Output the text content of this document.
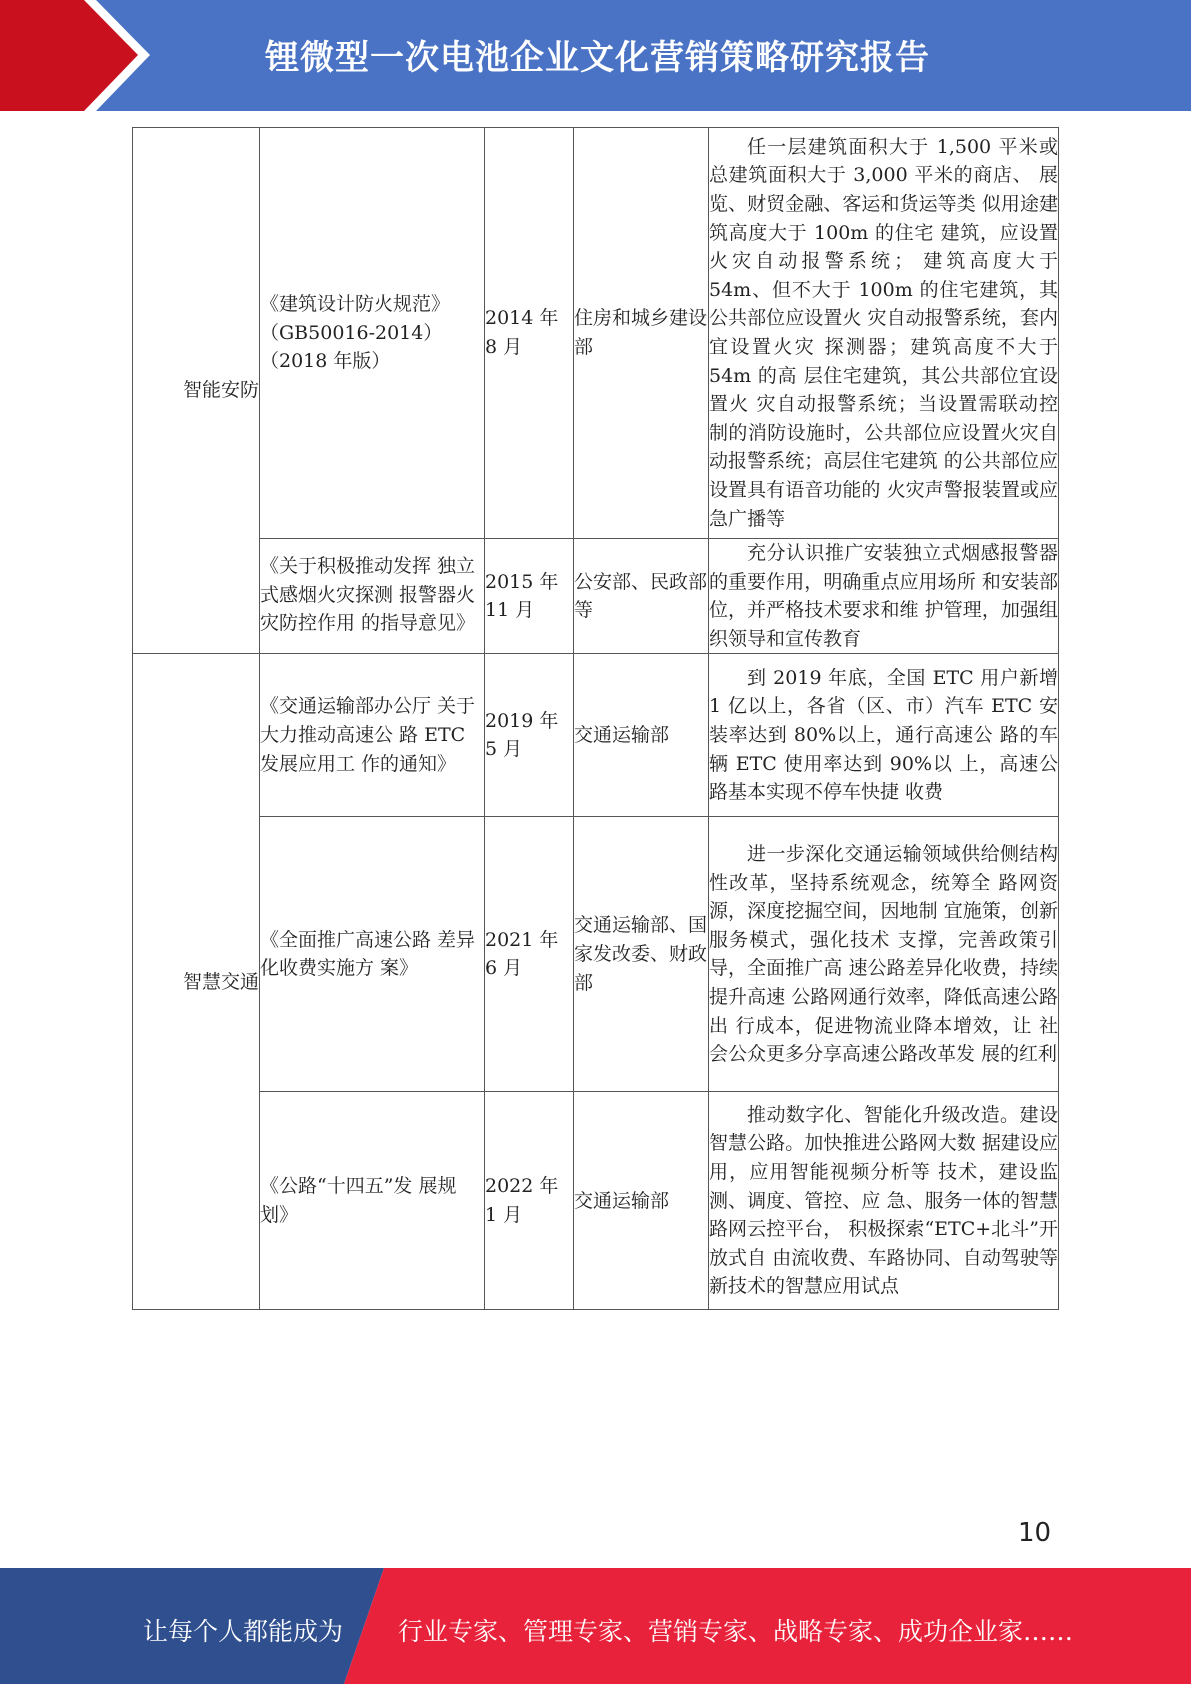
锂微型一次电池企业文化营销策略研究报告
智能安防	《建筑设计防火规范》（GB50016-2014）（2018 年版）	2014 年 8 月	住房和城乡建设部	任一层建筑面积大于 1,500 平米或总建筑面积大于 3,000 平米的商店、 展览、财贸金融、客运和货运等类 似用途建筑高度大于 100m 的住宅 建筑，应设置火灾自动报警系统； 建筑高度大于 54m、但不大于 100m 的住宅建筑，其公共部位应设置火 灾自动报警系统，套内宜设置火灾 探测器；建筑高度不大于 54m 的高 层住宅建筑，其公共部位宜设置火 灾自动报警系统；当设置需联动控 制的消防设施时，公共部位应设置火灾自动报警系统；高层住宅建筑 的公共部位应设置具有语音功能的 火灾声警报装置或应急广播等

	《关于积极推动发挥 独立式感烟火灾探测 报警器火灾防控作用 的指导意见》	2015 年 11 月	公安部、民政部等	充分认识推广安装独立式烟感报警器的重要作用，明确重点应用场所 和安装部位，并严格技术要求和维 护管理，加强组织领导和宣传教育

智慧交通	《交通运输部办公厅 关于大力推动高速公 路 ETC 发展应用工 作的通知》	2019 年 5 月	交通运输部	到 2019 年底，全国 ETC 用户新增 1 亿以上，各省（区、市）汽车 ETC 安装率达到 80%以上，通行高速公 路的车辆 ETC 使用率达到 90%以 上，高速公路基本实现不停车快捷 收费

	《全面推广高速公路 差异化收费实施方 案》	2021 年 6 月	交通运输部、国家发改委、财政部	进一步深化交通运输领域供给侧结构性改革，坚持系统观念，统筹全 路网资源，深度挖掘空间，因地制 宜施策，创新服务模式，强化技术 支撑，完善政策引导，全面推广高 速公路差异化收费，持续提升高速 公路网通行效率，降低高速公路出 行成本，促进物流业降本增效，让 社会公众更多分享高速公路改革发 展的红利

	《公路“十四五”发 展规划》	2022 年 1 月	交通运输部	推动数字化、智能化升级改造。建设智慧公路。加快推进公路网大数 据建设应用，应用智能视频分析等 技术，建设监测、调度、管控、应 急、服务一体的智慧路网云控平台， 积极探索“ETC+北斗”开放式自 由流收费、车路协同、自动驾驶等 新技术的智慧应用试点

10
让每个人都能成为 行业专家、管理专家、营销专家、战略专家、成功企业家……
